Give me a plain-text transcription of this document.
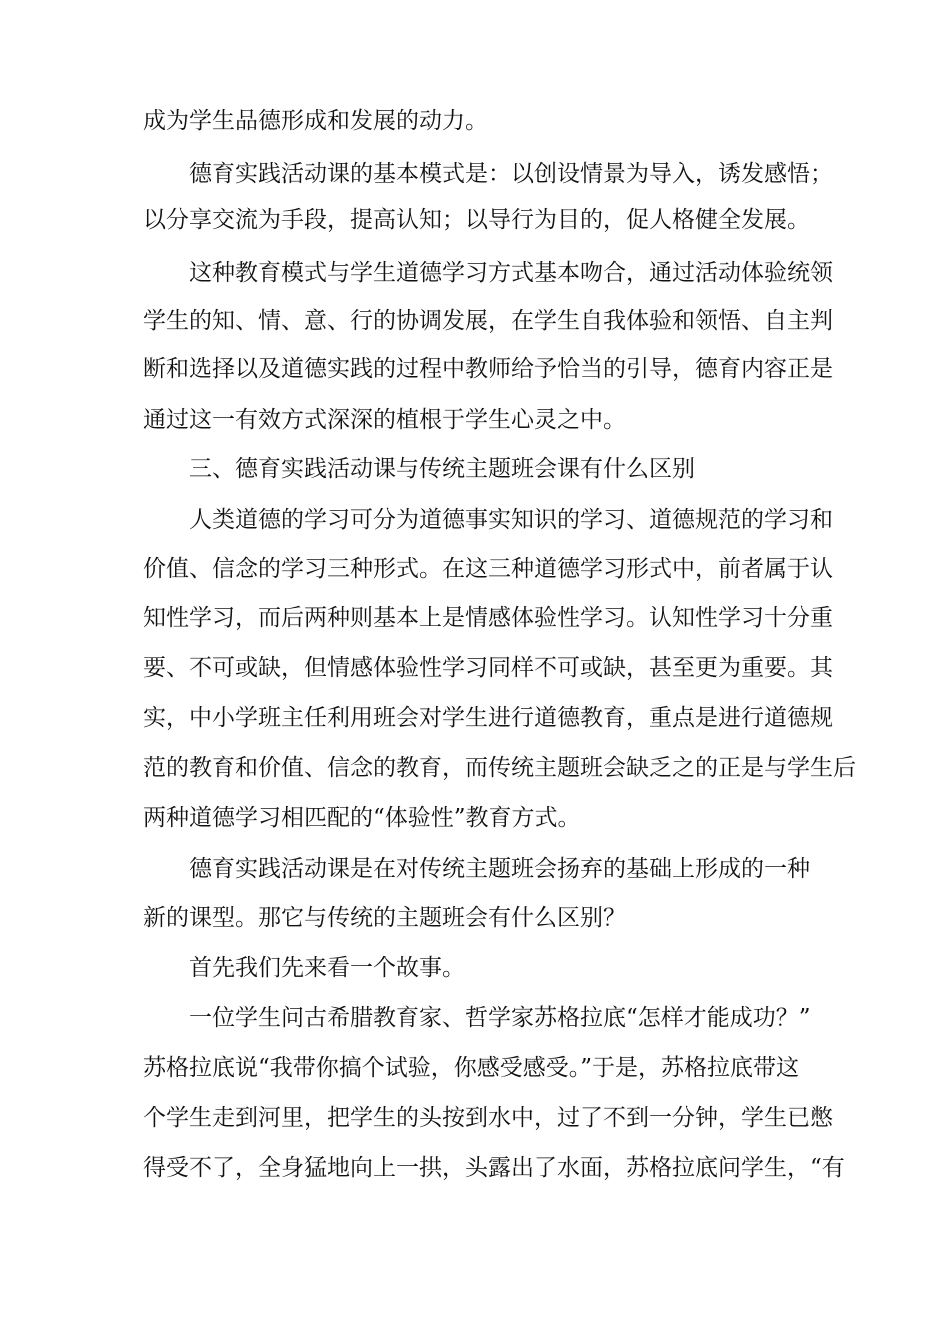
成为学生品德形成和发展的动力。
德育实践活动课的基本模式是：以创设情景为导入，诱发感悟；
以分享交流为手段，提高认知；以导行为目的，促人格健全发展。
这种教育模式与学生道德学习方式基本吻合，通过活动体验统领
学生的知、情、意、行的协调发展，在学生自我体验和领悟、自主判
断和选择以及道德实践的过程中教师给予恰当的引导，德育内容正是
通过这一有效方式深深的植根于学生心灵之中。
三、德育实践活动课与传统主题班会课有什么区别
人类道德的学习可分为道德事实知识的学习、道德规范的学习和
价值、信念的学习三种形式。在这三种道德学习形式中，前者属于认
知性学习，而后两种则基本上是情感体验性学习。认知性学习十分重
要、不可或缺，但情感体验性学习同样不可或缺，甚至更为重要。其
实，中小学班主任利用班会对学生进行道德教育，重点是进行道德规
范的教育和价值、信念的教育，而传统主题班会缺乏之的正是与学生后
两种道德学习相匹配的“体验性”教育方式。
德育实践活动课是在对传统主题班会扬弃的基础上形成的一种
新的课型。那它与传统的主题班会有什么区别？
首先我们先来看一个故事。
一位学生问古希腊教育家、哲学家苏格拉底“怎样才能成功？”
苏格拉底说“我带你搞个试验，你感受感受。”于是，苏格拉底带这
个学生走到河里，把学生的头按到水中，过了不到一分钟，学生已憋
得受不了，全身猛地向上一拱，头露出了水面，苏格拉底问学生，“有
